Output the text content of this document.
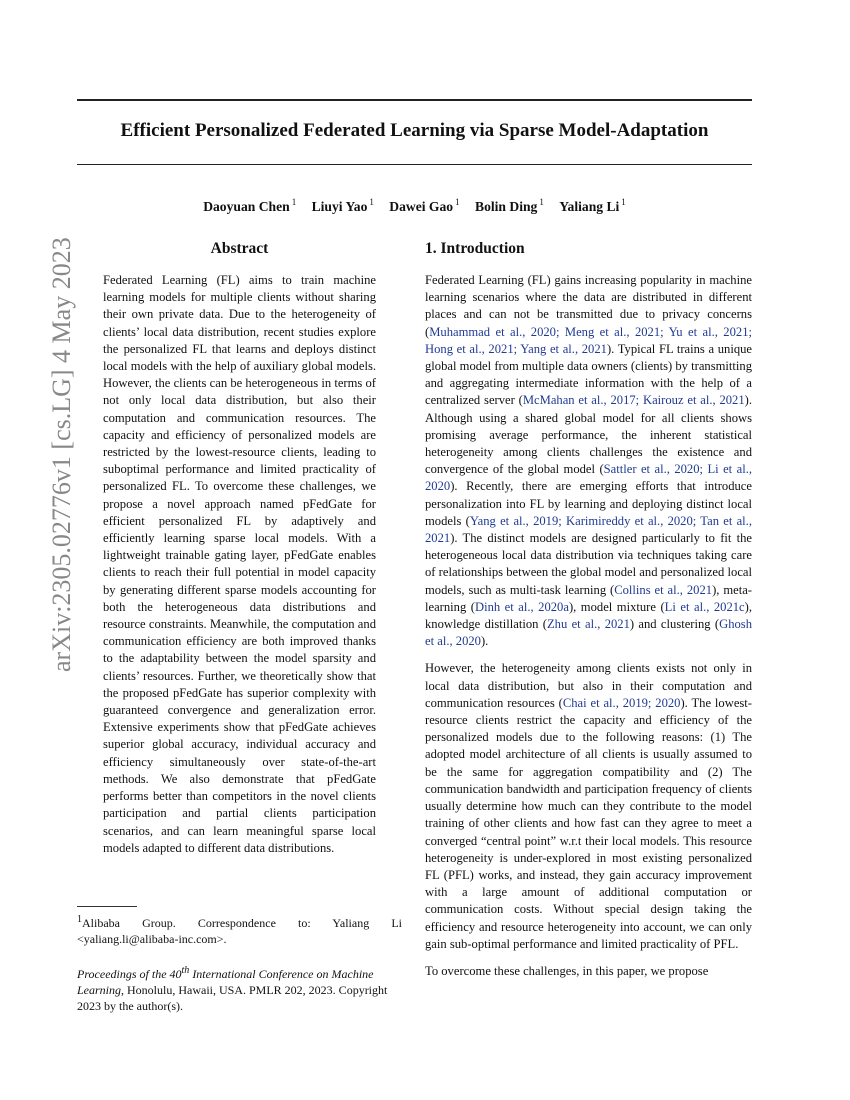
Efficient Personalized Federated Learning via Sparse Model-Adaptation
Daoyuan Chen $^1$ Liuyi Yao $^1$ Dawei Gao $^1$ Bolin Ding $^1$ Yaliang Li $^1$
arXiv:2305.02776v1 [cs.LG] 4 May 2023	Abstract

Federated Learning (FL) aims to train machine learning models for multiple clients without sharing their own private data. Due to the heterogeneity of clients’ local data distribution, recent studies explore the personalized FL that learns and deploys distinct local models with the help of auxiliary global models. However, the clients can be heterogeneous in terms of not only local data distribution, but also their computation and communication resources. The capacity and efficiency of personalized models are restricted by the lowest-resource clients, leading to suboptimal performance and limited practicality of personalized FL. To overcome these challenges, we propose a novel approach named pFedGate for efficient personalized FL by adaptively and efficiently learning sparse local models. With a lightweight trainable gating layer, pFedGate enables clients to reach their full potential in model capacity by generating different sparse models accounting for both the heterogeneous data distributions and resource constraints. Meanwhile, the computation and communication efficiency are both improved thanks to the adaptability between the model sparsity and clients’ resources. Further, we theoretically show that the proposed pFedGate has superior complexity with guaranteed convergence and generalization error. Extensive experiments show that pFedGate achieves superior global accuracy, individual accuracy and efficiency simultaneously over state-of-the-art methods. We also demonstrate that pFedGate performs better than competitors in the novel clients participation and partial clients participation scenarios, and can learn meaningful sparse local models adapted to different data distributions.

1. Introduction

Federated Learning (FL) gains increasing popularity in machine learning scenarios where the data are distributed in different places and can not be transmitted due to privacy concerns (Muhammad et al., 2020; Meng et al., 2021; Yu et al., 2021; Hong et al., 2021; Yang et al., 2021). Typical FL trains a unique global model from multiple data owners (clients) by transmitting and aggregating intermediate information with the help of a centralized server (McMahan et al., 2017; Kairouz et al., 2021). Although using a shared global model for all clients shows promising average performance, the inherent statistical heterogeneity among clients challenges the existence and convergence of the global model (Sattler et al., 2020; Li et al., 2020). Recently, there are emerging efforts that introduce personalization into FL by learning and deploying distinct local models (Yang et al., 2019; Karimireddy et al., 2020; Tan et al., 2021). The distinct models are designed particularly to fit the heterogeneous local data distribution via techniques taking care of relationships between the global model and personalized local models, such as multi-task learning (Collins et al., 2021), meta-learning (Dinh et al., 2020a), model mixture (Li et al., 2021c), knowledge distillation (Zhu et al., 2021) and clustering (Ghosh et al., 2020).

However, the heterogeneity among clients exists not only in local data distribution, but also in their computation and communication resources (Chai et al., 2019; 2020). The lowest-resource clients restrict the capacity and efficiency of the personalized models due to the following reasons: (1) The adopted model architecture of all clients is usually assumed to be the same for aggregation compatibility and (2) The communication bandwidth and participation frequency of clients usually determine how much can they contribute to the model training of other clients and how fast can they agree to meet a converged “central point” w.r.t their local models. This resource heterogeneity is under-explored in most existing personalized FL (PFL) works, and instead, they gain accuracy improvement with a large amount of additional computation or communication costs. Without special design taking the efficiency and resource heterogeneity into account, we can only gain sub-optimal performance and limited practicality of PFL.

To overcome these challenges, in this paper, we propose

$^1$Alibaba Group. Correspondence to: Yaliang Li <yaliang.li@alibaba-inc.com>.
Proceedings of the 40th International Conference on Machine Learning, Honolulu, Hawaii, USA. PMLR 202, 2023. Copyright 2023 by the author(s).
